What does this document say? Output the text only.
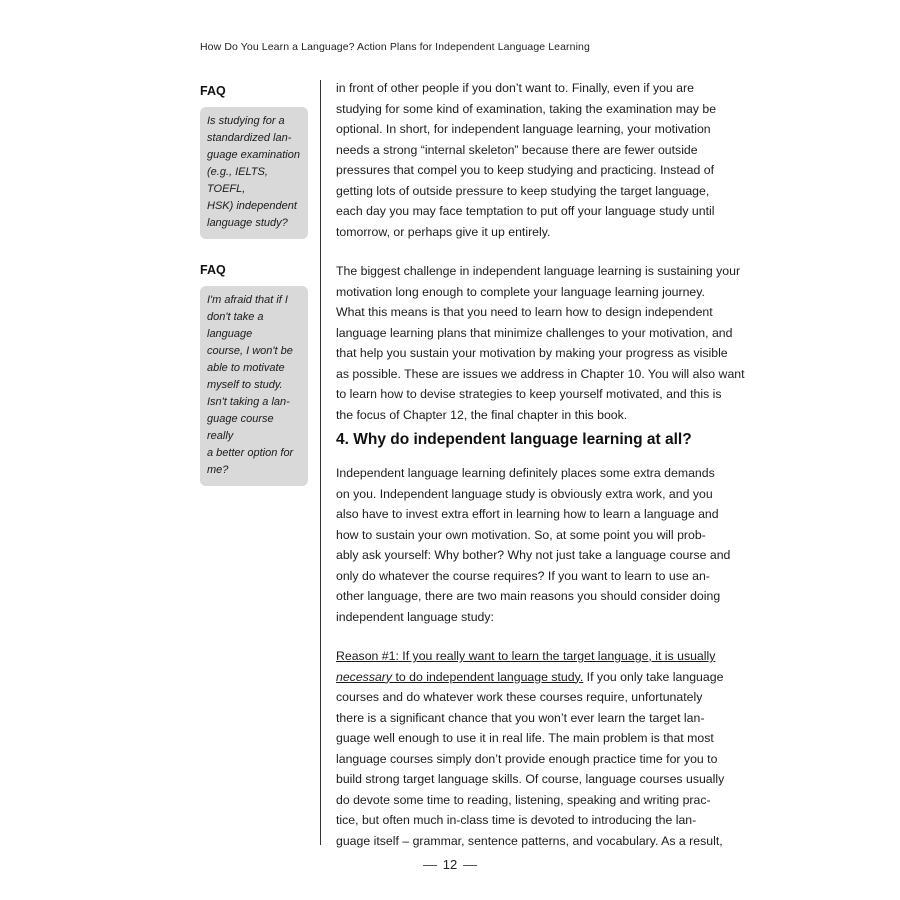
How Do You Learn a Language? Action Plans for Independent Language Learning
FAQ
Is studying for a
standardized lan-
guage examination
(e.g., IELTS, TOEFL,
HSK) independent
language study?
FAQ
I'm afraid that if I
don't take a language
course, I won't be
able to motivate
myself to study.
Isn't taking a lan-
guage course really
a better option for
me?

in front of other people if you don’t want to. Finally, even if you are
studying for some kind of examination, taking the examination may be
optional. In short, for independent language learning, your motivation
needs a strong “internal skeleton” because there are fewer outside
pressures that compel you to keep studying and practicing. Instead of
getting lots of outside pressure to keep studying the target language,
each day you may face temptation to put off your language study until
tomorrow, or perhaps give it up entirely.

The biggest challenge in independent language learning is sustaining your
motivation long enough to complete your language learning journey.
What this means is that you need to learn how to design independent
language learning plans that minimize challenges to your motivation, and
that help you sustain your motivation by making your progress as visible
as possible. These are issues we address in Chapter 10. You will also want
to learn how to devise strategies to keep yourself motivated, and this is
the focus of Chapter 12, the final chapter in this book.

4. Why do independent language learning at all?

Independent language learning definitely places some extra demands
on you. Independent language study is obviously extra work, and you
also have to invest extra effort in learning how to learn a language and
how to sustain your own motivation. So, at some point you will prob-
ably ask yourself: Why bother? Why not just take a language course and
only do whatever the course requires? If you want to learn to use an-
other language, there are two main reasons you should consider doing
independent language study:

Reason #1: If you really want to learn the target language, it is usually
necessary to do independent language study. If you only take language
courses and do whatever work these courses require, unfortunately
there is a significant chance that you won’t ever learn the target lan-
guage well enough to use it in real life. The main problem is that most
language courses simply don’t provide enough practice time for you to
build strong target language skills. Of course, language courses usually
do devote some time to reading, listening, speaking and writing prac-
tice, but often much in-class time is devoted to introducing the lan-
guage itself – grammar, sentence patterns, and vocabulary. As a result,

12
